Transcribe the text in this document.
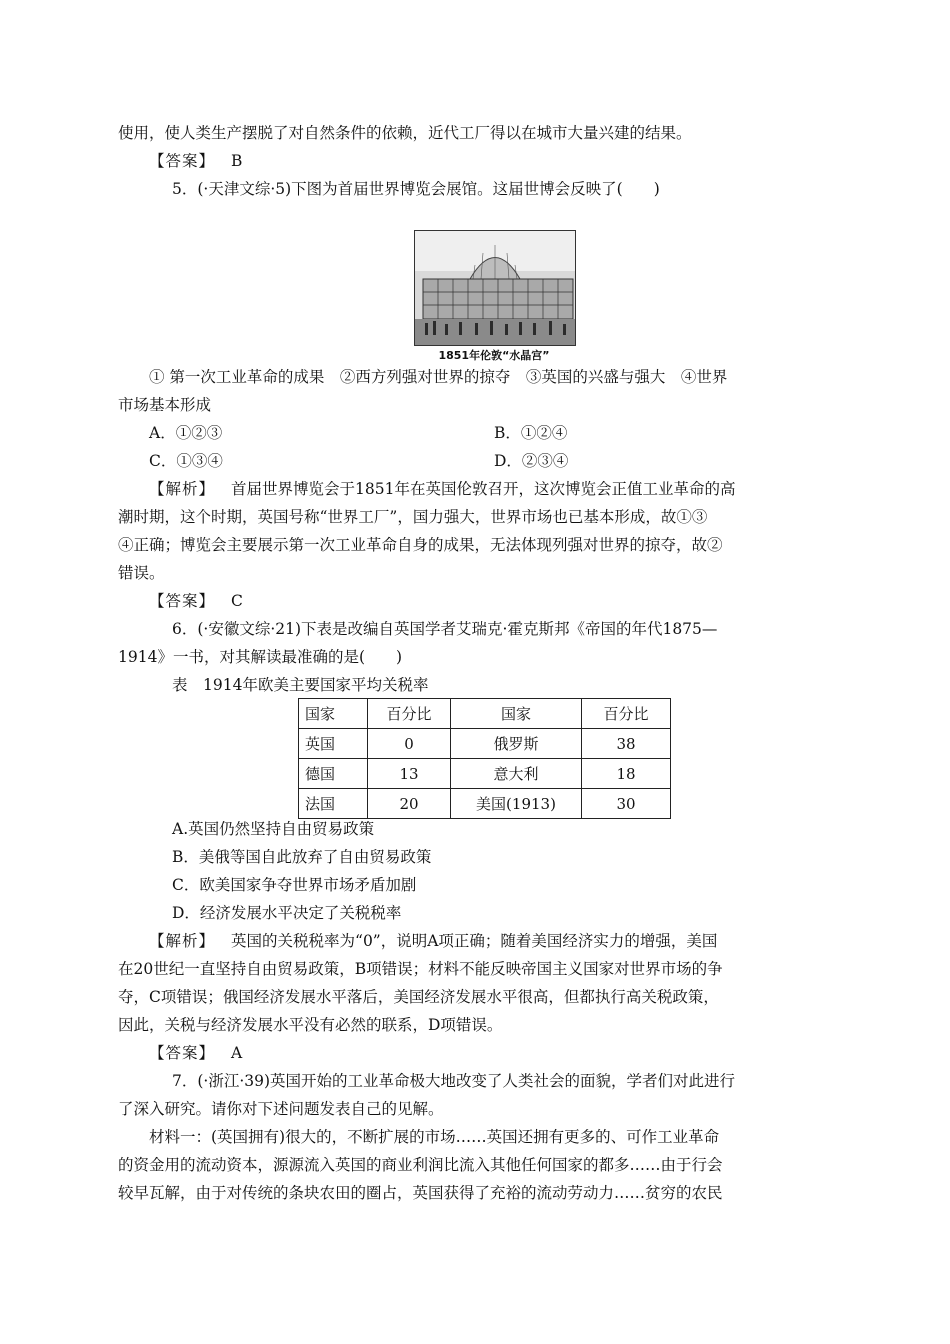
使用，使人类生产摆脱了对自然条件的依赖，近代工厂得以在城市大量兴建的结果。
【答案】 B
5．(·天津文综·5)下图为首届世界博览会展馆。这届世博会反映了(　　)
1851年伦敦“水晶宫”
① 第一次工业革命的成果　②西方列强对世界的掠夺　③英国的兴盛与强大　④世界
市场基本形成
A．①②③	B．①②④
C．①③④	D．②③④
【解析】 首届世界博览会于1851年在英国伦敦召开，这次博览会正值工业革命的高
潮时期，这个时期，英国号称“世界工厂”，国力强大，世界市场也已基本形成，故①③
④正确；博览会主要展示第一次工业革命自身的成果，无法体现列强对世界的掠夺，故②
错误。
【答案】 C
6．(·安徽文综·21)下表是改编自英国学者艾瑞克·霍克斯邦《帝国的年代1875—
1914》一书，对其解读最准确的是(　　)
表　1914年欧美主要国家平均关税率
国家	百分比	国家	百分比
英国	0	俄罗斯	38
德国	13	意大利	18
法国	20	美国(1913)	30
A.英国仍然坚持自由贸易政策
B．美俄等国自此放弃了自由贸易政策
C．欧美国家争夺世界市场矛盾加剧
D．经济发展水平决定了关税税率
【解析】 英国的关税税率为“0”，说明A项正确；随着美国经济实力的增强，美国
在20世纪一直坚持自由贸易政策，B项错误；材料不能反映帝国主义国家对世界市场的争
夺，C项错误；俄国经济发展水平落后，美国经济发展水平很高，但都执行高关税政策，
因此，关税与经济发展水平没有必然的联系，D项错误。
【答案】 A
7．(·浙江·39)英国开始的工业革命极大地改变了人类社会的面貌，学者们对此进行
了深入研究。请你对下述问题发表自己的见解。
材料一：(英国拥有)很大的，不断扩展的市场……英国还拥有更多的、可作工业革命
的资金用的流动资本，源源流入英国的商业利润比流入其他任何国家的都多……由于行会
较早瓦解，由于对传统的条块农田的圈占，英国获得了充裕的流动劳动力……贫穷的农民
